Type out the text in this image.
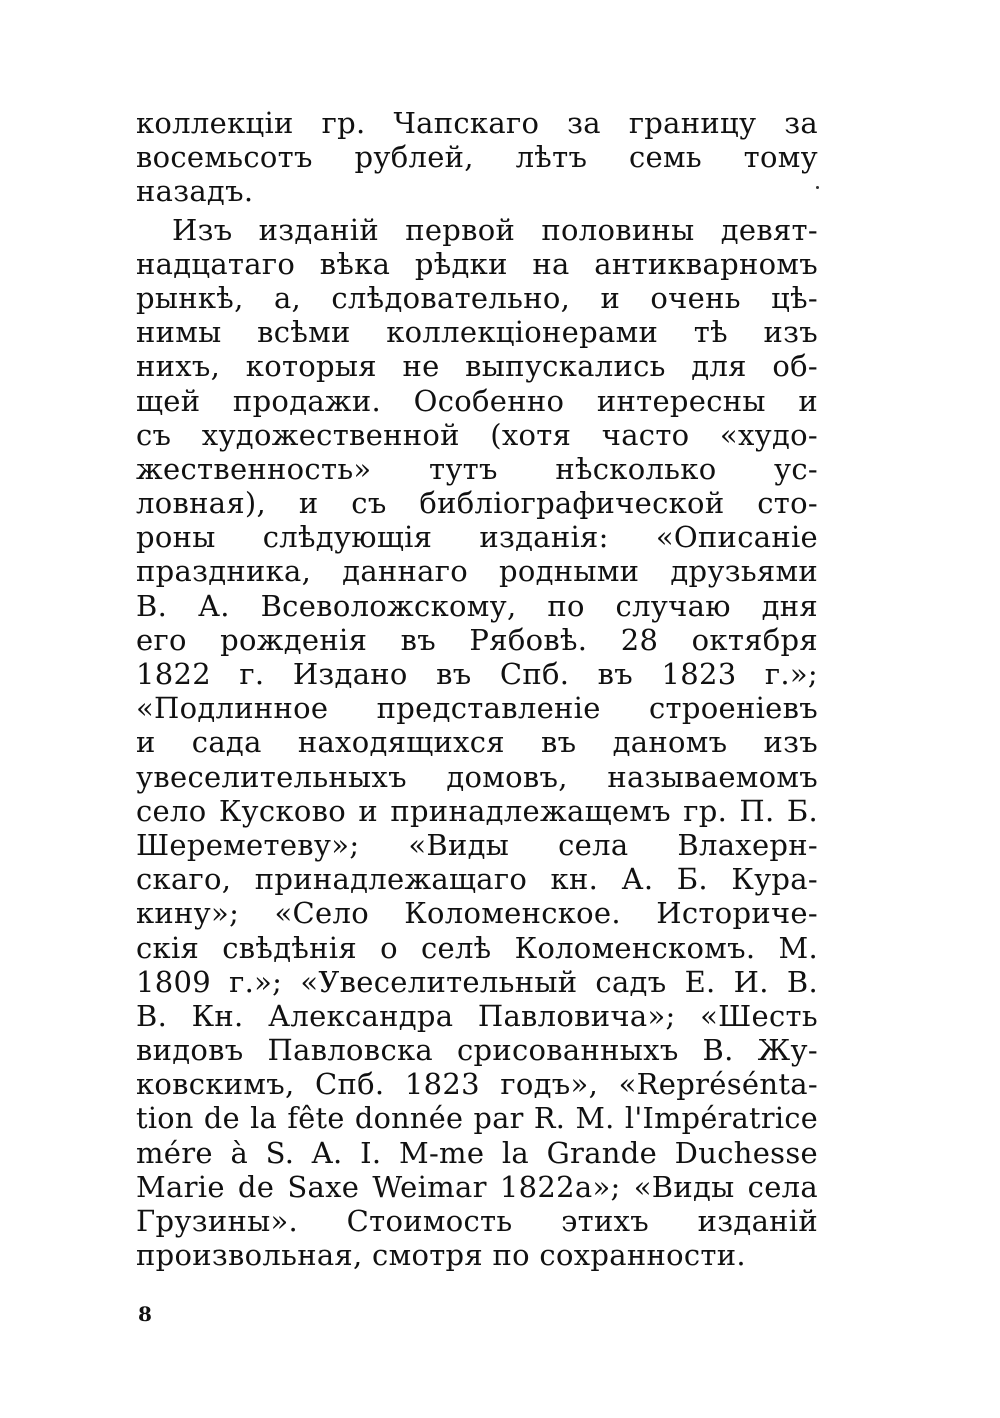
коллекціи гр. Чапскаго за границу за
восемьсотъ рублей, лѣтъ семь тому
назадъ.
Изъ изданій первой половины девят-
надцатаго вѣка рѣдки на антикварномъ
рынкѣ, а, слѣдовательно, и очень цѣ-
нимы всѣми коллекціонерами тѣ изъ
нихъ, которыя не выпускались для об-
щей продажи. Особенно интересны и
съ художественной (хотя часто «худо-
жественность» тутъ нѣсколько ус-
ловная), и съ библіографической сто-
роны слѣдующія изданія: «Описаніе
праздника, даннаго родными друзьями
В. А. Всеволожскому, по случаю дня
его рожденія въ Рябовѣ. 28 октября
1822 г. Издано въ Спб. въ 1823 г.»;
«Подлинное представленіе строеніевъ
и сада находящихся въ даномъ изъ
увеселительныхъ домовъ, называемомъ
село Кусково и принадлежащемъ гр. П. Б.
Шереметеву»; «Виды села Влахерн-
скаго, принадлежащаго кн. А. Б. Кура-
кину»; «Село Коломенское. Историче-
скія свѣдѣнія о селѣ Коломенскомъ. М.
1809 г.»; «Увеселительный садъ Е. И. В.
В. Кн. Александра Павловича»; «Шесть
видовъ Павловска срисованныхъ В. Жу-
ковскимъ, Спб. 1823 годъ», «Représénta-
tion de la fête donnée par R. M. l'Impératrice
mére à S. A. I. M-me la Grande Duchesse
Marie de Saxe Weimar 1822a»; «Виды села
Грузины». Стоимость этихъ изданій
произвольная, смотря по сохранности.
8
